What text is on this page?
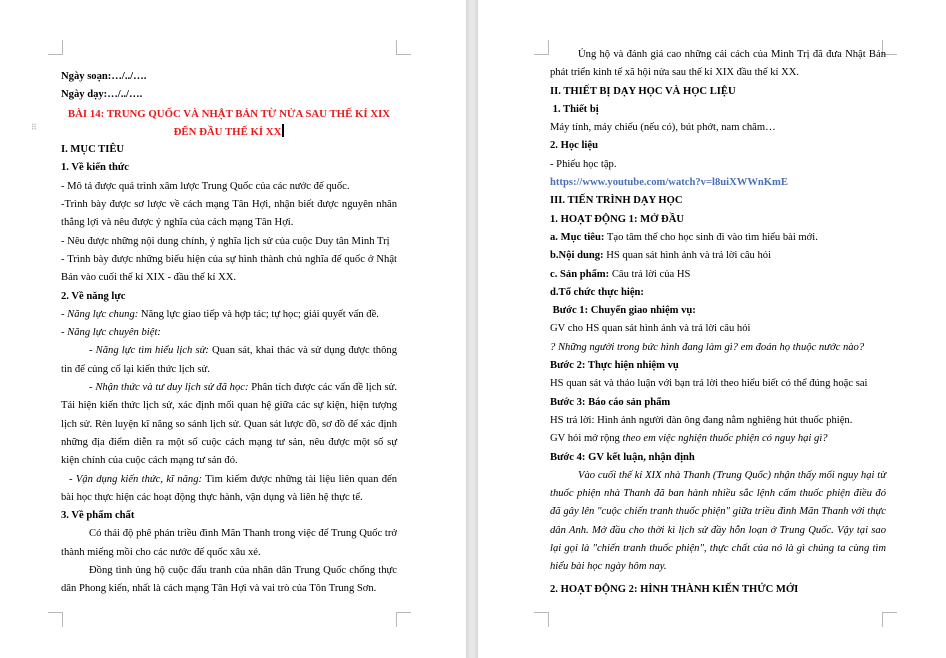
Ngày soạn:…/../….

Ngày dạy:…/../….

BÀI 14: TRUNG QUỐC VÀ NHẬT BẢN TỪ NỬA SAU THẾ KỈ XIX

ĐẾN ĐẦU THẾ KỈ XX

I. MỤC TIÊU

1. Về kiến thức

- Mô tả được quá trình xâm lược Trung Quốc của các nước đế quốc.

-Trình bày được sơ lược về cách mạng Tân Hợi, nhận biết được nguyên nhân thắng lợi và nêu được ý nghĩa của cách mạng Tân Hợi.

- Nêu được những nội dung chính, ý nghĩa lịch sử của cuộc Duy tân Minh Trị

- Trình bày được những biểu hiện của sự hình thành chủ nghĩa đế quốc ở Nhật Bản vào cuối thế kỉ XIX - đầu thế kỉ XX.

2. Về năng lực

- Năng lực chung: Năng lực giao tiếp và hợp tác; tự học; giải quyết vấn đề.

- Năng lực chuyên biệt:

- Năng lực tìm hiểu lịch sử: Quan sát, khai thác và sử dụng được thông tin để củng cố lại kiến thức lịch sử.

- Nhận thức và tư duy lịch sử đã học: Phân tích được các vấn đề lịch sử. Tái hiện kiến thức lịch sử, xác định mối quan hệ giữa các sự kiện, hiện tượng lịch sử. Rèn luyện kĩ năng so sánh lịch sử. Quan sát lược đồ, sơ đồ để xác định những địa điểm diễn ra một số cuộc cách mạng tư sản, nêu được một số sự kiện chính của cuộc cách mạng tư sản đó.

- Vận dụng kiến thức, kĩ năng: Tìm kiếm được những tài liệu liên quan đến bài học thực hiện các hoạt động thực hành, vận dụng và liên hệ thực tế.

3. Về phẩm chất

Có thái độ phê phán triều đình Mãn Thanh trong việc để Trung Quốc trở thành miếng mồi cho các nước đế quốc xâu xé.

Đồng tình ủng hộ cuộc đấu tranh của nhân dân Trung Quốc chống thực dân Phong kiến, nhất là cách mạng Tân Hợi và vai trò của Tôn Trung Sơn.

⠿

Ủng hộ và đánh giá cao những cải cách của Minh Trị đã đưa Nhật Bản phát triển kinh tế xã hội nửa sau thế kỉ XIX đầu thế kỉ XX.

II. THIẾT BỊ DẠY HỌC VÀ HỌC LIỆU

1. Thiết bị

Máy tính, máy chiếu (nếu có), bút phớt, nam châm…

2. Học liệu

- Phiếu học tập.

https://www.youtube.com/watch?v=l8uiXWWnKmE

III. TIẾN TRÌNH DẠY HỌC

1. HOẠT ĐỘNG 1: MỞ ĐẦU

a. Mục tiêu: Tạo tâm thế cho học sinh đi vào tìm hiểu bài mới.

b.Nội dung: HS quan sát hình ảnh và trả lời câu hỏi

c. Sản phẩm: Câu trả lời của HS

d.Tổ chức thực hiện:

Bước 1: Chuyển giao nhiệm vụ:

GV cho HS quan sát hình ảnh và trả lời câu hỏi

? Những người trong bức hình đang làm gì? em đoán họ thuộc nước nào?

Bước 2: Thực hiện nhiệm vụ

HS quan sát và thảo luận với bạn trả lời theo hiểu biết có thể đúng hoặc sai

Bước 3: Báo cáo sản phẩm

HS trả lời: Hình ảnh người đàn ông đang nằm nghiêng hút thuốc phiện.

GV hỏi mở rộng theo em việc nghiện thuốc phiện có nguy hại gì?

Bước 4: GV kết luận, nhận định

Vào cuối thế kỉ XIX nhà Thanh (Trung Quốc) nhận thấy mối nguy hại từ thuốc phiện nhà Thanh đã ban hành nhiều sắc lệnh cấm thuốc phiện điều đó đã gây lên "cuộc chiến tranh thuốc phiện" giữa triều đình Mãn Thanh với thực dân Anh. Mở đầu cho thời kì lịch sử đầy hỗn loạn ở Trung Quốc. Vậy tại sao lại gọi là "chiến tranh thuốc phiện", thực chất của nó là gì chúng ta cùng tìm hiểu bài học ngày hôm nay.

2. HOẠT ĐỘNG 2: HÌNH THÀNH KIẾN THỨC MỚI
